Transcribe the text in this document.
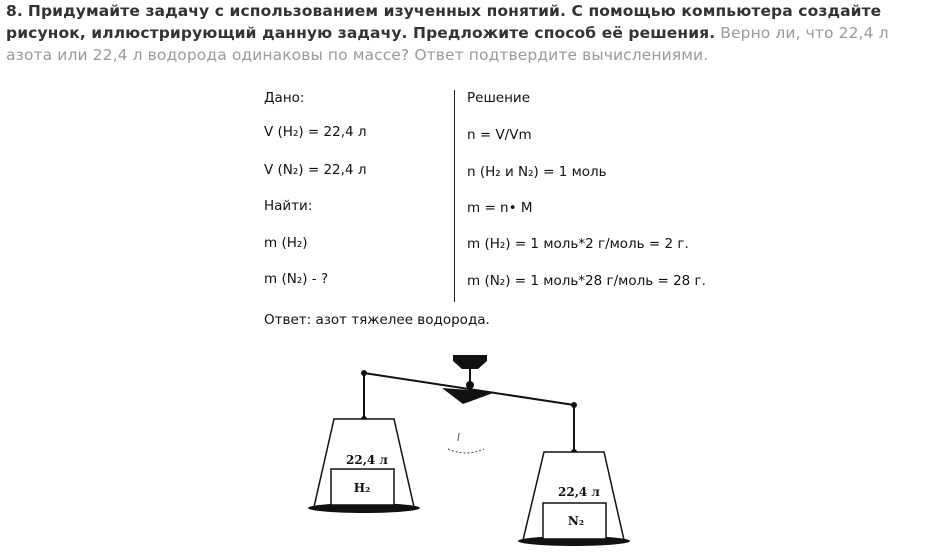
8. Придумайте задачу с использованием изученных понятий. С помощью компьютера создайте рисунок, иллюстрирующий данную задачу. Предложите способ её решения. Верно ли, что 22,4 л азота или 22,4 л водорода одинаковы по массе? Ответ подтвердите вычислениями.
Дано:
V (H₂) = 22,4 л
V (N₂) = 22,4 л
Найти:
m (H₂)
m (N₂) - ?
Решение
n = V/Vm
n (H₂ и N₂) = 1 моль
m = n• M
m (H₂) = 1 моль*2 г/моль = 2 г.
m (N₂) = 1 моль*28 г/моль = 28 г.
Ответ: азот тяжелее водорода.
22,4 л
H₂	22,4 л
N₂
